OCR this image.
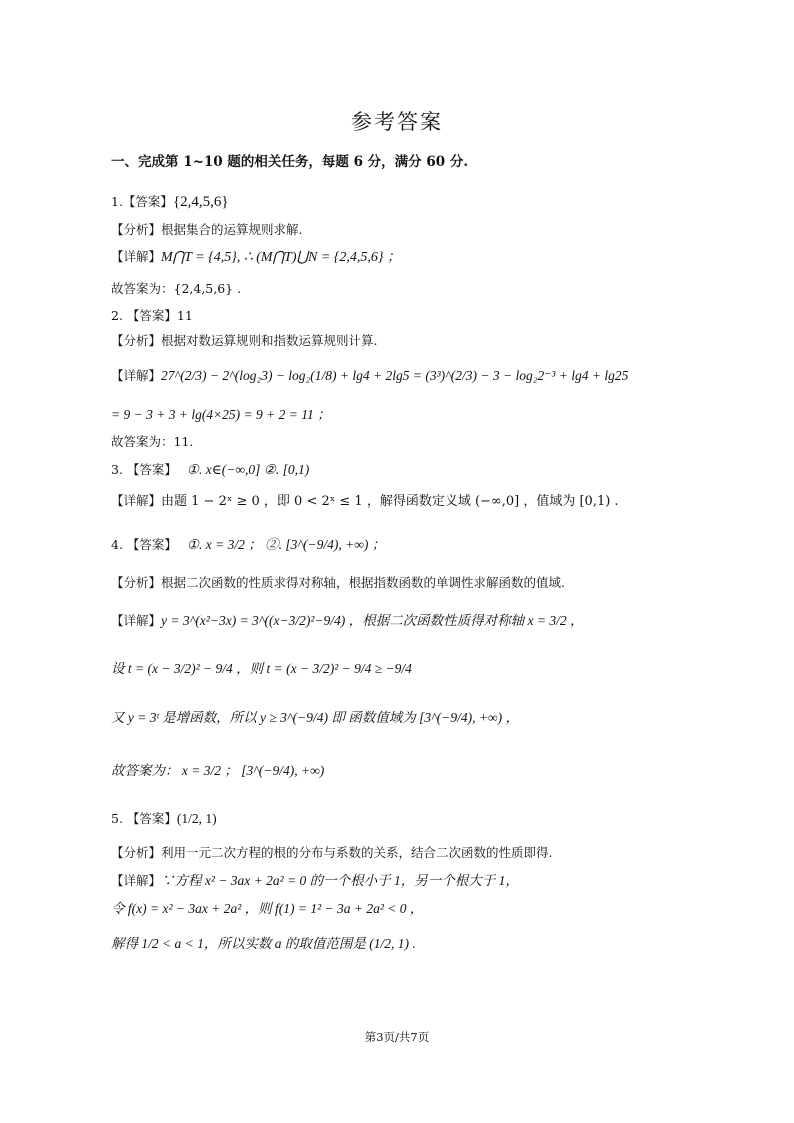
参考答案
一、完成第 1~10 题的相关任务，每题 6 分，满分 60 分.
1.【答案】{2,4,5,6}
【分析】根据集合的运算规则求解.
【详解】M⋂T = {4,5}, ∴ (M⋂T)⋃N = {2,4,5,6} ；
故答案为：{2,4,5,6} .
2. 【答案】11
【分析】根据对数运算规则和指数运算规则计算.
【详解】27^(2/3) − 2^(log₂3) − log₂(1/8) + lg4 + 2lg5 = (3³)^(2/3) − 3 − log₂2⁻³ + lg4 + lg25
= 9 − 3 + 3 + lg(4×25) = 9 + 2 = 11 ；
故答案为：11.
3. 【答案】 ①. x∈(−∞,0] ②. [0,1)
【详解】由题 1 − 2ˣ ≥ 0 ，即 0 < 2ˣ ≤ 1 ，解得函数定义域 (−∞,0] ，值域为 [0,1) .
4. 【答案】 ①. x = 3/2 ； ②. [3^(−9/4), +∞) ；
【分析】根据二次函数的性质求得对称轴，根据指数函数的单调性求解函数的值域.
【详解】y = 3^(x²−3x) = 3^((x−3/2)²−9/4) ，根据二次函数性质得对称轴 x = 3/2 ，
设 t = (x − 3/2)² − 9/4 ，则 t = (x − 3/2)² − 9/4 ≥ −9/4
又 y = 3ᵗ 是增函数，所以 y ≥ 3^(−9/4) 即 函数值域为 [3^(−9/4), +∞) ，
故答案为： x = 3/2 ； [3^(−9/4), +∞)
5. 【答案】(1/2, 1)
【分析】利用一元二次方程的根的分布与系数的关系，结合二次函数的性质即得.
【详解】∵方程 x² − 3ax + 2a² = 0 的一个根小于 1，另一个根大于 1，
令 f(x) = x² − 3ax + 2a² ，则 f(1) = 1² − 3a + 2a² < 0 ，
解得 1/2 < a < 1，所以实数 a 的取值范围是 (1/2, 1) .
第3页/共7页
